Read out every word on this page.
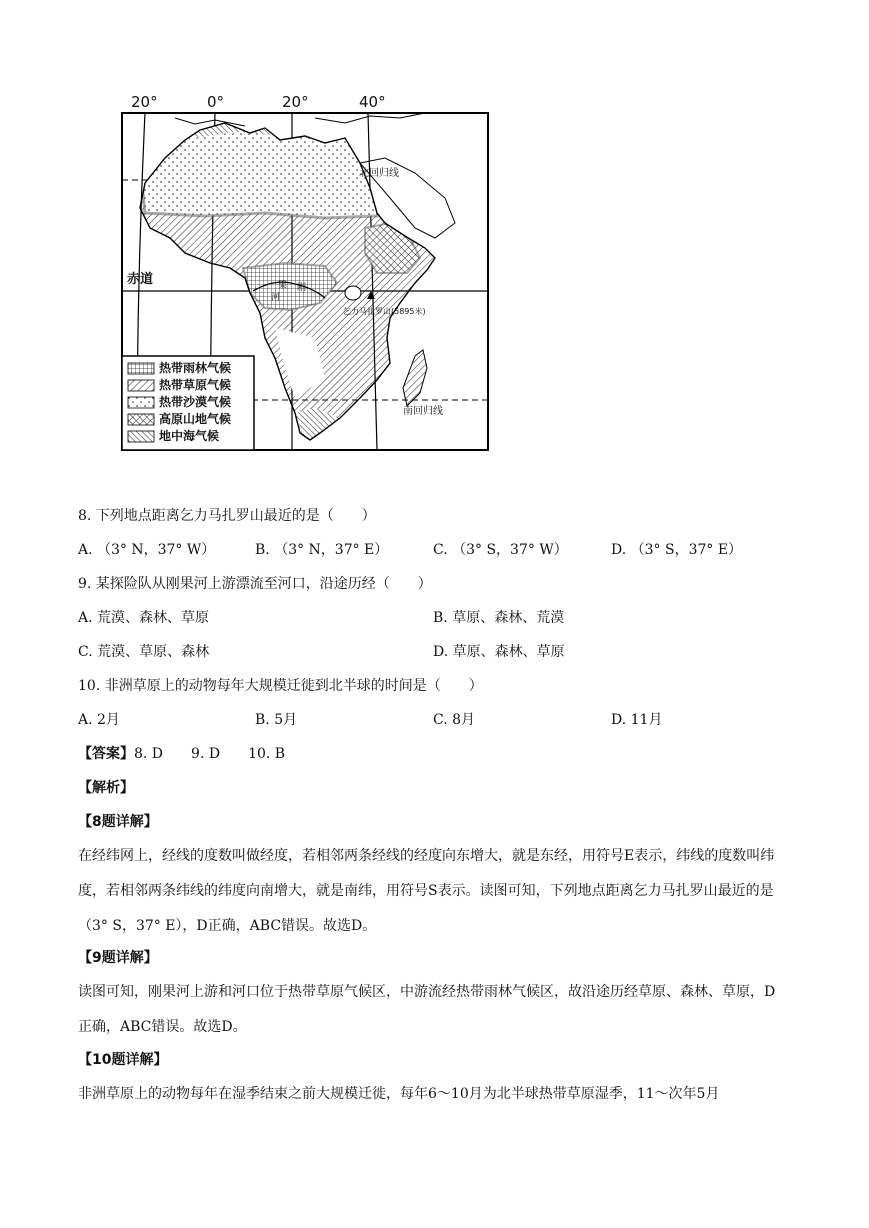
20°	0°	20°	40°
赤道
北回归线
南回归线
乞力马扎罗山(5895米)
果 刚
河
热带雨林气候
热带草原气候
热带沙漠气候
高原山地气候
地中海气候
8. 下列地点距离乞力马扎罗山最近的是（　　）
A. （3° N，37° W）	B. （3° N，37° E）	C. （3° S，37° W）	D. （3° S，37° E）
9. 某探险队从刚果河上游漂流至河口，沿途历经（　　）
A. 荒漠、森林、草原	B. 草原、森林、荒漠
C. 荒漠、草原、森林	D. 草原、森林、草原
10. 非洲草原上的动物每年大规模迁徙到北半球的时间是（　　）
A. 2月	B. 5月	C. 8月	D. 11月
【答案】8. D　　9. D　　10. B
【解析】
【8题详解】
在经纬网上，经线的度数叫做经度，若相邻两条经线的经度向东增大，就是东经，用符号E表示，纬线的度数叫纬度，若相邻两条纬线的纬度向南增大，就是南纬，用符号S表示。读图可知，下列地点距离乞力马扎罗山最近的是（3° S，37° E），D正确，ABC错误。故选D。
【9题详解】
读图可知，刚果河上游和河口位于热带草原气候区，中游流经热带雨林气候区，故沿途历经草原、森林、草原，D正确，ABC错误。故选D。
【10题详解】
非洲草原上的动物每年在湿季结束之前大规模迁徙，每年6～10月为北半球热带草原湿季，11～次年5月
